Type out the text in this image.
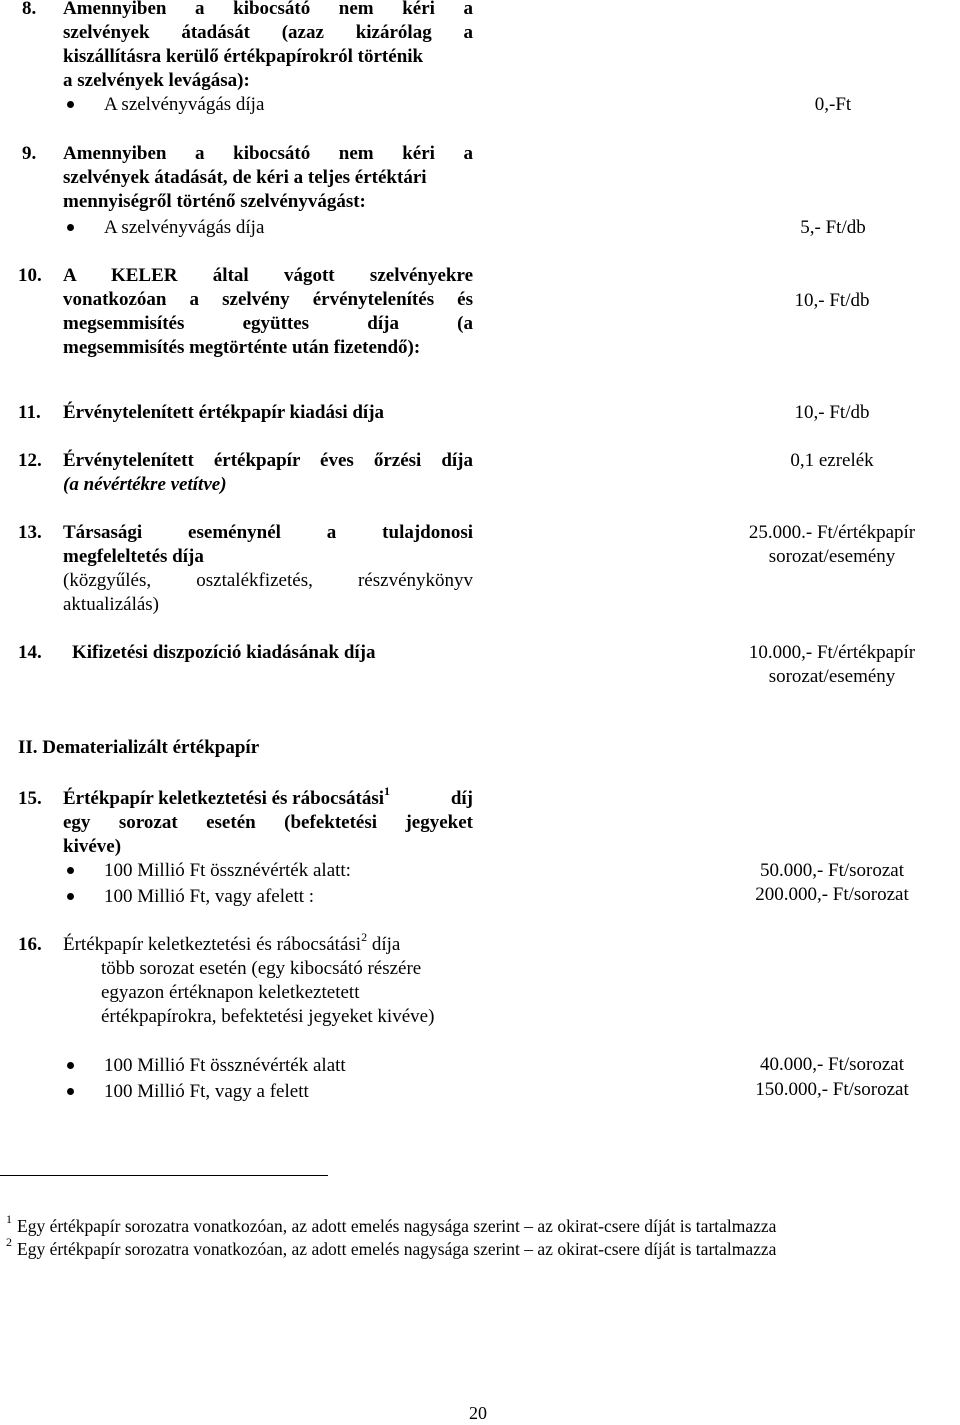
8. Amennyiben a kibocsátó nem kéri a
szelvények átadását (azaz kizárólag a
kiszállításra kerülő értékpapírokról történik
a szelvények levágása):
A szelvényvágás díja	0,-Ft
9. Amennyiben a kibocsátó nem kéri a
szelvények átadását, de kéri a teljes értéktári
mennyiségről történő szelvényvágást:
A szelvényvágás díja	5,- Ft/db
10. A KELER által vágott szelvényekre
vonatkozóan a szelvény érvénytelenítés és
megsemmisítés együttes díja (a
megsemmisítés megtörténte után fizetendő):
10,- Ft/db
11. Érvénytelenített értékpapír kiadási díja	10,- Ft/db
12. Érvénytelenített értékpapír éves őrzési díja
(a névértékre vetítve)
0,1 ezrelék
13. Társasági eseménynél a tulajdonosi
megfeleltetés díja
(közgyűlés, osztalékfizetés, részvénykönyv
aktualizálás)
25.000.- Ft/értékpapír
sorozat/esemény
14. Kifizetési diszpozíció kiadásának díja	10.000,- Ft/értékpapír
sorozat/esemény
II. Dematerializált értékpapír
15. Értékpapír keletkeztetési és rábocsátási$^1$	díj
egy sorozat esetén (befektetési jegyeket
kivéve)
100 Millió Ft össznévérték alatt:	50.000,- Ft/sorozat
100 Millió Ft, vagy afelett :	200.000,- Ft/sorozat
16. Értékpapír keletkeztetési és rábocsátási$^2$ díja
több sorozat esetén (egy kibocsátó részére
egyazon értéknapon keletkeztetett
értékpapírokra, befektetési jegyeket kivéve)
100 Millió Ft össznévérték alatt	40.000,- Ft/sorozat
100 Millió Ft, vagy a felett	150.000,- Ft/sorozat
$^1$ Egy értékpapír sorozatra vonatkozóan, az adott emelés nagysága szerint – az okirat-csere díját is tartalmazza
$^2$ Egy értékpapír sorozatra vonatkozóan, az adott emelés nagysága szerint – az okirat-csere díját is tartalmazza
20
